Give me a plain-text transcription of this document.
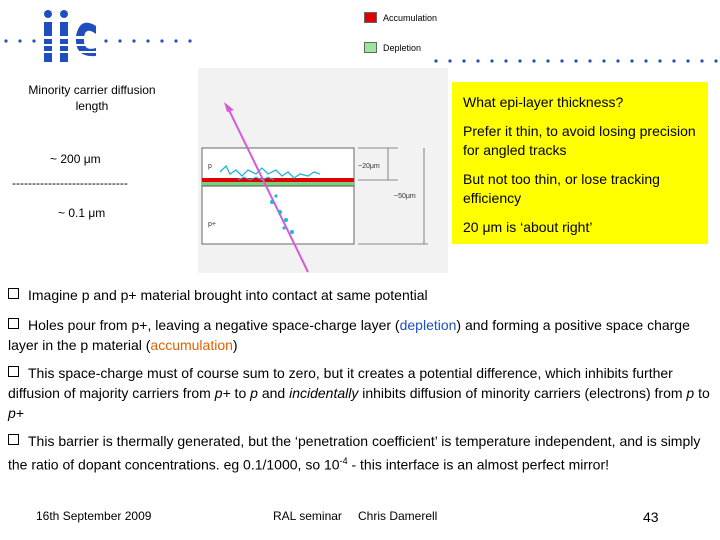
ilc
Accumulation
Depletion
Minority carrier diffusion length
~ 200 μm
-----------------------------
~ 0.1 μm
p
p+
~20μm
~50μm
What epi-layer thickness?
Prefer it thin, to avoid losing precision for angled tracks
But not too thin, or lose tracking efficiency
20 μm is ‘about right’
Imagine p and p+ material brought into contact at same potential
Holes pour from p+, leaving a negative space-charge layer (depletion) and forming a positive space charge layer in the p material (accumulation)
This space-charge must of course sum to zero, but it creates a potential difference, which inhibits further diffusion of majority carriers from p+ to p and incidentally inhibits diffusion of minority carriers (electrons) from p to p+
This barrier is thermally generated, but the ‘penetration coefficient’ is temperature independent, and is simply the ratio of dopant concentrations. eg 0.1/1000, so $10^{-4}$ - this interface is an almost perfect mirror!
16th September 2009	RAL seminar Chris Damerell	43
